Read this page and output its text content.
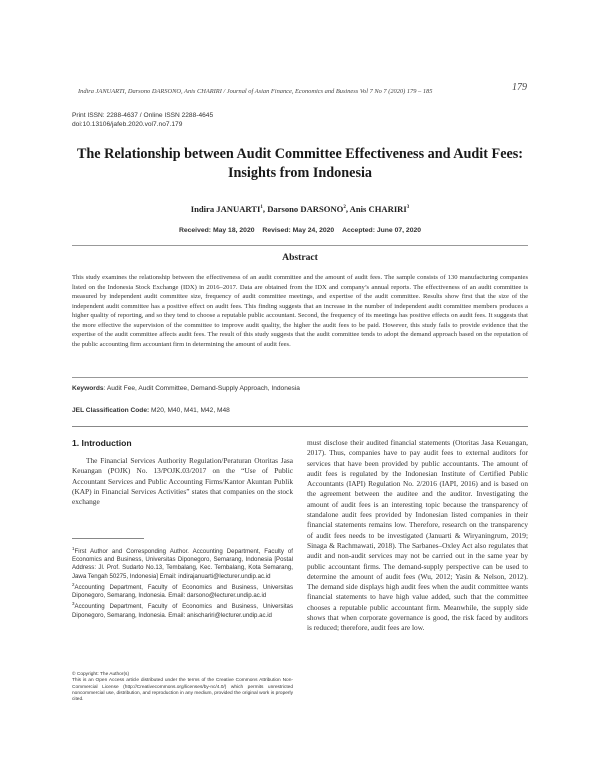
Indira JANUARTI, Darsono DARSONO, Anis CHARIRI / Journal of Asian Finance, Economics and Business Vol 7 No 7 (2020) 179 – 185	179
Print ISSN: 2288-4637 / Online ISSN 2288-4645
doi:10.13106/jafeb.2020.vol7.no7.179
The Relationship between Audit Committee Effectiveness and Audit Fees:
Insights from Indonesia
Indira JANUARTI$^1$, Darsono DARSONO$^2$, Anis CHARIRI$^3$
Received: May 18, 2020 Revised: May 24, 2020 Accepted: June 07, 2020
Abstract
This study examines the relationship between the effectiveness of an audit committee and the amount of audit fees. The sample consists of 130 manufacturing companies listed on the Indonesia Stock Exchange (IDX) in 2016–2017. Data are obtained from the IDX and company’s annual reports. The effectiveness of an audit committee is measured by independent audit committee size, frequency of audit committee meetings, and expertise of the audit committee. Results show first that the size of the independent audit committee has a positive effect on audit fees. This finding suggests that an increase in the number of independent audit committee members produces a higher quality of reporting, and so they tend to choose a reputable public accountant. Second, the frequency of its meetings has positive effects on audit fees. It suggests that the more effective the supervision of the committee to improve audit quality, the higher the audit fees to be paid. However, this study fails to provide evidence that the expertise of the audit committee affects audit fees. The result of this study suggests that the audit committee tends to adopt the demand approach based on the reputation of the public accounting firm accountant firm in determining the amount of audit fees.
Keywords: Audit Fee, Audit Committee, Demand-Supply Approach, Indonesia
JEL Classification Code: M20, M40, M41, M42, M48
1. Introduction
The Financial Services Authority Regulation/Peraturan Otoritas Jasa Keuangan (POJK) No. 13/POJK.03/2017 on the “Use of Public Accountant Services and Public Accounting Firms/Kantor Akuntan Publik (KAP) in Financial Services Activities” states that companies on the stock exchange

$^1$First Author and Corresponding Author. Accounting Department, Faculty of Economics and Business, Universitas Diponegoro, Semarang, Indonesia [Postal Address: Jl. Prof. Sudarto No.13, Tembalang, Kec. Tembalang, Kota Semarang, Jawa Tengah 50275, Indonesia] Email: indirajanuarti@lecturer.undip.ac.id

$^2$Accounting Department, Faculty of Economics and Business, Universitas Diponegoro, Semarang, Indonesia. Email: darsono@lecturer.undip.ac.id

$^3$Accounting Department, Faculty of Economics and Business, Universitas Diponegoro, Semarang, Indonesia. Email: anischariri@lecturer.undip.ac.id

© Copyright: The Author(s)

This is an Open Access article distributed under the terms of the Creative Commons Attribution Non-Commercial License (http://Creativecommons.org/licenses/by-nc/4.0/) which permits unrestricted noncommercial use, distribution, and reproduction in any medium, provided the original work is properly cited.

must disclose their audited financial statements (Otoritas Jasa Keuangan, 2017). Thus, companies have to pay audit fees to external auditors for services that have been provided by public accountants. The amount of audit fees is regulated by the Indonesian Institute of Certified Public Accountants (IAPI) Regulation No. 2/2016 (IAPI, 2016) and is based on the agreement between the auditee and the auditor. Investigating the amount of audit fees is an interesting topic because the transparency of standalone audit fees provided by Indonesian listed companies in their financial statements remains low. Therefore, research on the transparency of audit fees needs to be investigated (Januarti & Wiryaningrum, 2019; Sinaga & Rachmawati, 2018). The Sarbanes–Oxley Act also regulates that audit and non-audit services may not be carried out in the same year by public accountant firms. The demand-supply perspective can be used to determine the amount of audit fees (Wu, 2012; Yasin & Nelson, 2012). The demand side displays high audit fees when the audit committee wants financial statements to have high value added, such that the committee chooses a reputable public accountant firm. Meanwhile, the supply side shows that when corporate governance is good, the risk faced by auditors is reduced; therefore, audit fees are low.
